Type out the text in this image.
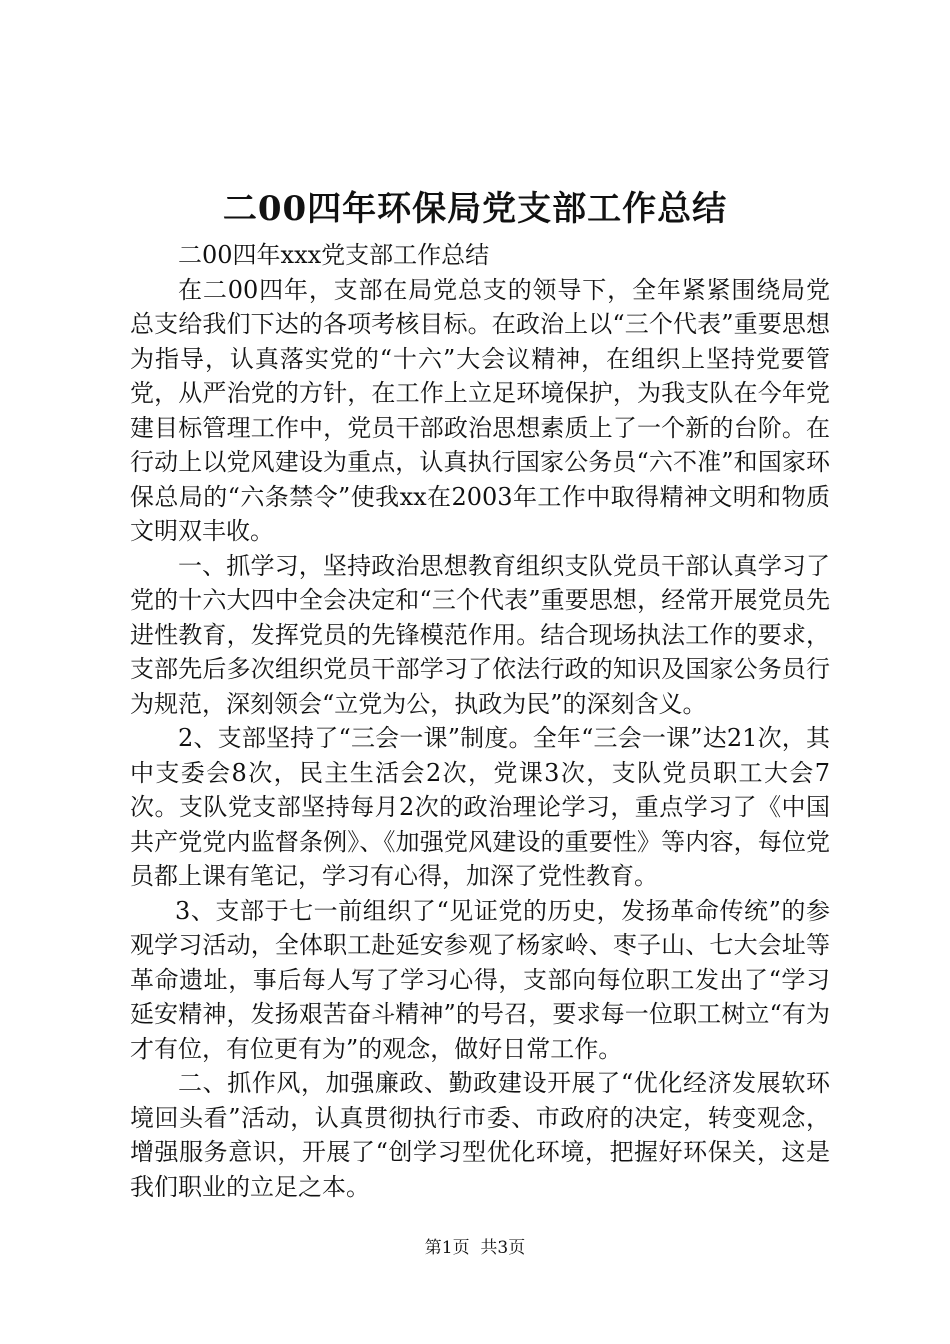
二00四年环保局党支部工作总结

二00四年xxx党支部工作总结

在二00四年，支部在局党总支的领导下，全年紧紧围绕局党总支给我们下达的各项考核目标。在政治上以“三个代表”重要思想为指导，认真落实党的“十六”大会议精神，在组织上坚持党要管党，从严治党的方针，在工作上立足环境保护，为我支队在今年党建目标管理工作中，党员干部政治思想素质上了一个新的台阶。在行动上以党风建设为重点，认真执行国家公务员“六不准”和国家环保总局的“六条禁令”使我xx在2003年工作中取得精神文明和物质文明双丰收。

一、抓学习，坚持政治思想教育组织支队党员干部认真学习了党的十六大四中全会决定和“三个代表”重要思想，经常开展党员先进性教育，发挥党员的先锋模范作用。结合现场执法工作的要求，支部先后多次组织党员干部学习了依法行政的知识及国家公务员行为规范，深刻领会“立党为公，执政为民”的深刻含义。

2、支部坚持了“三会一课”制度。全年“三会一课”达21次，其中支委会8次，民主生活会2次，党课3次，支队党员职工大会7次。支队党支部坚持每月2次的政治理论学习，重点学习了《中国共产党党内监督条例》、《加强党风建设的重要性》等内容，每位党员都上课有笔记，学习有心得，加深了党性教育。

3、支部于七一前组织了“见证党的历史，发扬革命传统”的参观学习活动，全体职工赴延安参观了杨家岭、枣子山、七大会址等革命遗址，事后每人写了学习心得，支部向每位职工发出了“学习延安精神，发扬艰苦奋斗精神”的号召，要求每一位职工树立“有为才有位，有位更有为”的观念，做好日常工作。

二、抓作风，加强廉政、勤政建设开展了“优化经济发展软环境回头看”活动，认真贯彻执行市委、市政府的决定，转变观念，增强服务意识，开展了“创学习型优化环境，把握好环保关，这是我们职业的立足之本。

第1页 共3页
